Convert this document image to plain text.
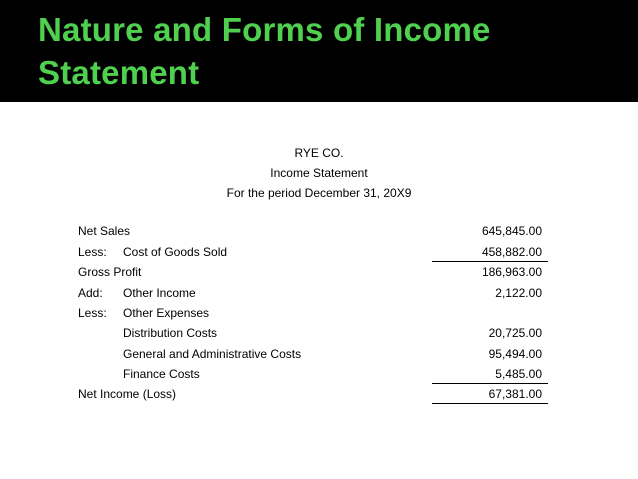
Nature and Forms of Income Statement
RYE CO.
Income Statement
For the period December 31, 20X9
Net Sales	645,845.00
Less: Cost of Goods Sold	458,882.00
Gross Profit	186,963.00
Add: Other Income	2,122.00
Less: Other Expenses
Distribution Costs	20,725.00
General and Administrative Costs	95,494.00
Finance Costs	5,485.00
Net Income (Loss)	67,381.00
